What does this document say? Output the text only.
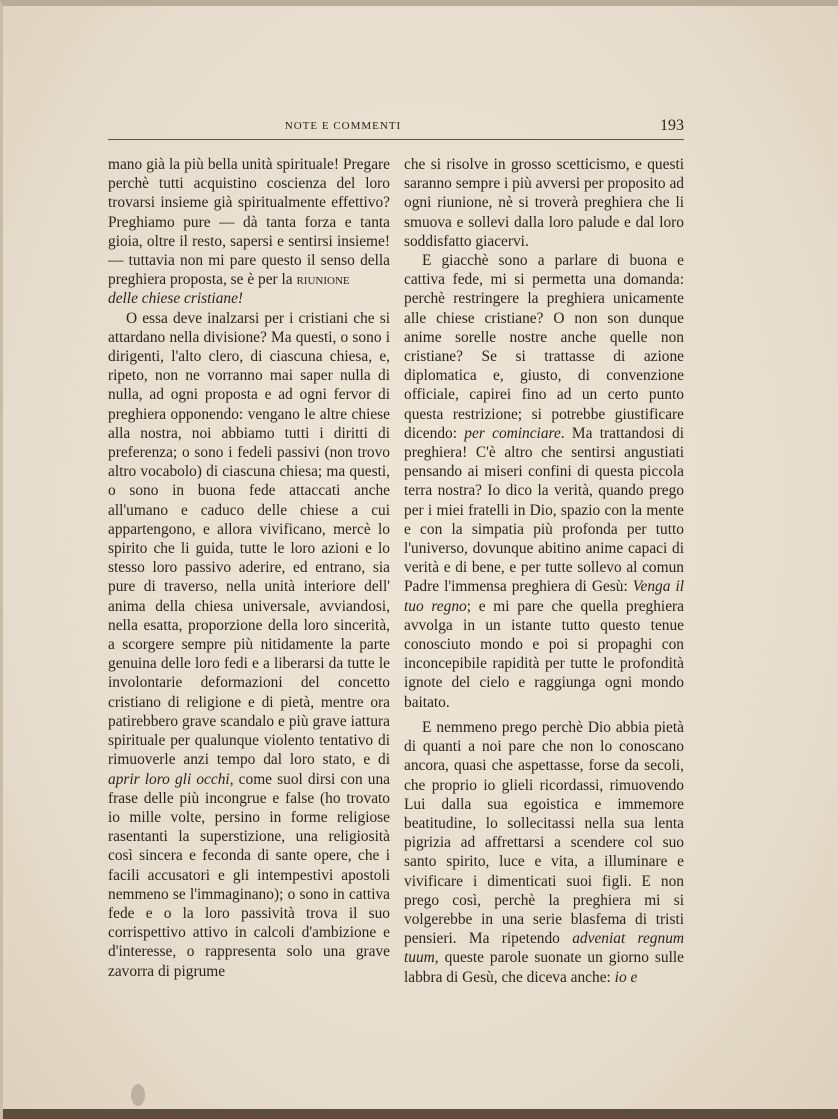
NOTE E COMMENTI	193

mano già la più bella unità spirituale! Pregare perchè tutti acquistino coscienza del loro trovarsi insieme già spiritualmente effettivo? Preghiamo pure — dà tanta forza e tanta gioia, oltre il resto, sapersi e sentirsi insieme! — tuttavia non mi pare questo il senso della preghiera proposta, se è per la riunione
delle chiese cristiane!

O essa deve inalzarsi per i cristiani che si attardano nella divisione? Ma questi, o sono i dirigenti, l'alto clero, di ciascuna chiesa, e, ripeto, non ne vorranno mai saper nulla di nulla, ad ogni proposta e ad ogni fervor di preghiera opponendo: vengano le altre chiese alla nostra, noi abbiamo tutti i diritti di preferenza; o sono i fedeli passivi (non trovo altro vocabolo) di ciascuna chiesa; ma questi, o sono in buona fede attaccati anche all'umano e caduco delle chiese a cui appartengono, e allora vivificano, mercè lo spirito che li guida, tutte le loro azioni e lo stesso loro passivo aderire, ed entrano, sia pure di traverso, nella unità interiore dell' anima della chiesa universale, avviandosi, nella esatta, proporzione della loro sincerità, a scorgere sempre più nitidamente la parte genuina delle loro fedi e a liberarsi da tutte le involontarie deformazioni del concetto cristiano di religione e di pietà, mentre ora patirebbero grave scandalo e più grave iattura spirituale per qualunque violento tentativo di rimuoverle anzi tempo dal loro stato, e di aprir loro gli occhi, come suol dirsi con una frase delle più incongrue e false (ho trovato io mille volte, persino in forme religiose rasentanti la superstizione, una religiosità così sincera e feconda di sante opere, che i facili accusatori e gli intempestivi apostoli nemmeno se l'immaginano); o sono in cattiva fede e o la loro passività trova il suo corrispettivo attivo in calcoli d'ambizione e d'interesse, o rappresenta solo una grave zavorra di pigrume

che si risolve in grosso scetticismo, e questi saranno sempre i più avversi per proposito ad ogni riunione, nè si troverà preghiera che li smuova e sollevi dalla loro palude e dal loro soddisfatto giacervi.

E giacchè sono a parlare di buona e cattiva fede, mi si permetta una domanda: perchè restringere la preghiera unicamente alle chiese cristiane? O non son dunque anime sorelle nostre anche quelle non cristiane? Se si trattasse di azione diplomatica e, giusto, di convenzione officiale, capirei fino ad un certo punto questa restrizione; si potrebbe giustificare dicendo: per cominciare. Ma trattandosi di preghiera! C'è altro che sentirsi angustiati pensando ai miseri confini di questa piccola terra nostra? Io dico la verità, quando prego per i miei fratelli in Dio, spazio con la mente e con la simpatia più profonda per tutto l'universo, dovunque abitino anime capaci di verità e di bene, e per tutte sollevo al comun Padre l'immensa preghiera di Gesù: Venga il tuo regno; e mi pare che quella preghiera avvolga in un istante tutto questo tenue conosciuto mondo e poi si propaghi con inconcepibile rapidità per tutte le profondità ignote del cielo e raggiunga ogni mondo baitato.

E nemmeno prego perchè Dio abbia pietà di quanti a noi pare che non lo conoscano ancora, quasi che aspettasse, forse da secoli, che proprio io glieli ricordassi, rimuovendo Lui dalla sua egoistica e immemore beatitudine, lo sollecitassi nella sua lenta pigrizia ad affrettarsi a scendere col suo santo spirito, luce e vita, a illuminare e vivificare i dimenticati suoi figli. E non prego così, perchè la preghiera mi si volgerebbe in una serie blasfema di tristi pensieri. Ma ripetendo adveniat regnum tuum, queste parole suonate un giorno sulle labbra di Gesù, che diceva anche: io e
